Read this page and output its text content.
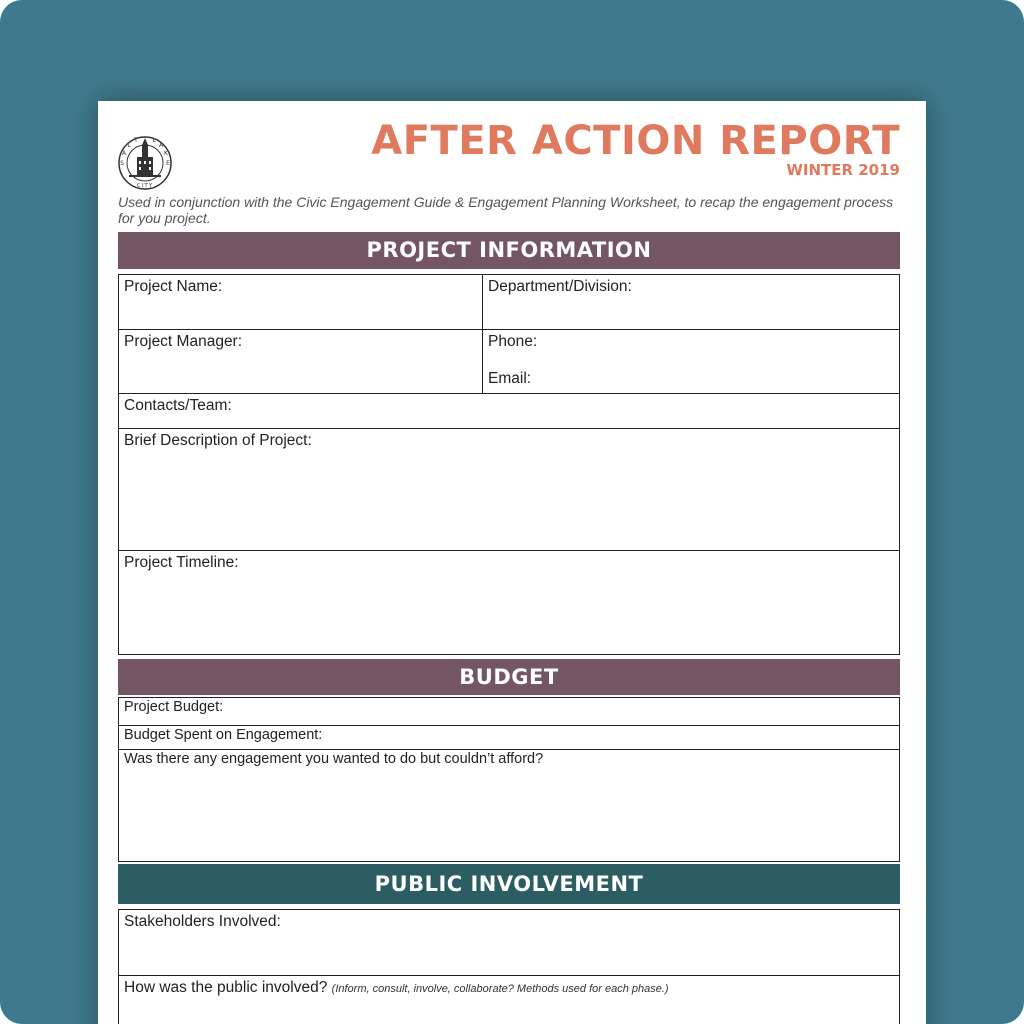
S
A
L
T L
A
K
E
CITY
AFTER ACTION REPORT
WINTER 2019
Used in conjunction with the Civic Engagement Guide & Engagement Planning Worksheet, to recap the engagement process for you project.
PROJECT INFORMATION
Project Name:	Department/Division:
Project Manager:	Phone:
Email:
Contacts/Team:
Brief Description of Project:
Project Timeline:
BUDGET
Project Budget:
Budget Spent on Engagement:
Was there any engagement you wanted to do but couldn’t afford?
PUBLIC INVOLVEMENT
Stakeholders Involved:
How was the public involved? (Inform, consult, involve, collaborate? Methods used for each phase.)
